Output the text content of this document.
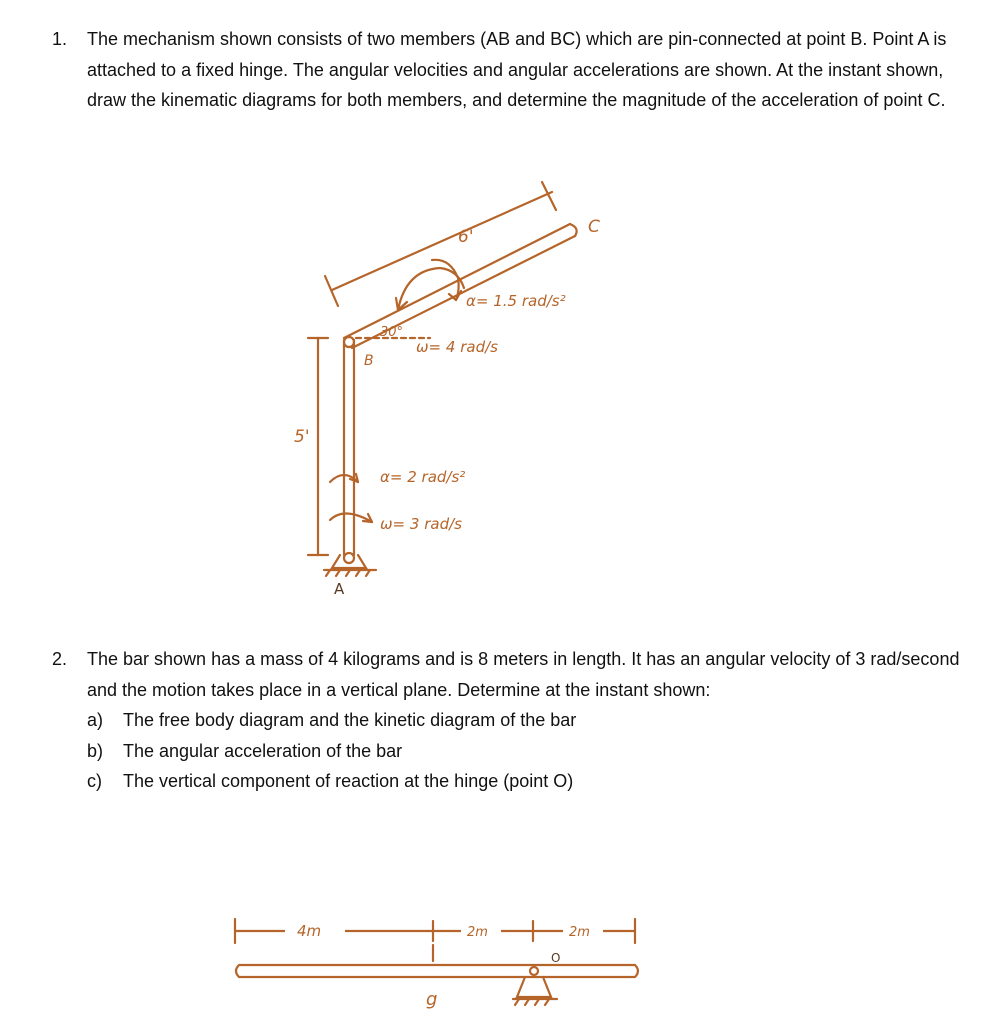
1. The mechanism shown consists of two members (AB and BC) which are pin-connected at point B. Point A is attached to a fixed hinge. The angular velocities and angular accelerations are shown. At the instant shown, draw the kinematic diagrams for both members, and determine the magnitude of the acceleration of point C.

6'	C
α= 1.5 rad/s²
30°
B
ω= 4 rad/s
5'
α= 2 rad/s²
ω= 3 rad/s
A
2. The bar shown has a mass of 4 kilograms and is 8 meters in length. It has an angular velocity of 3 rad/second and the motion takes place in a vertical plane. Determine at the instant shown:

a)	The free body diagram and the kinetic diagram of the bar
b)	The angular acceleration of the bar
c)	The vertical component of reaction at the hinge (point O)
4m	2m	2m
g
O
